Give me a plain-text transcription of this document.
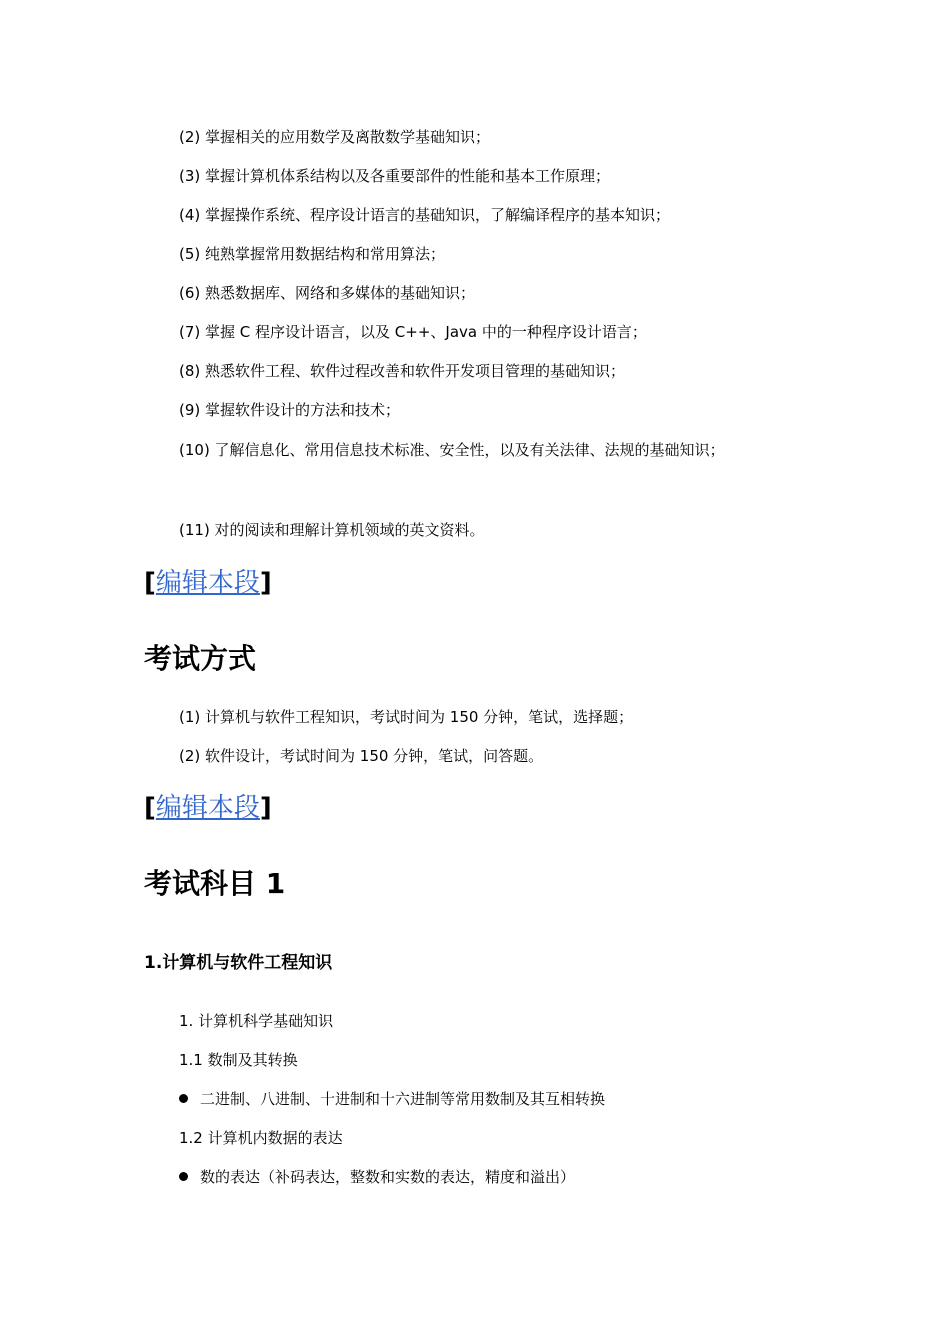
(2) 掌握相关的应用数学及离散数学基础知识；
(3) 掌握计算机体系结构以及各重要部件的性能和基本工作原理；
(4) 掌握操作系统、程序设计语言的基础知识，了解编译程序的基本知识；
(5) 纯熟掌握常用数据结构和常用算法；
(6) 熟悉数据库、网络和多媒体的基础知识；
(7) 掌握 C 程序设计语言，以及 C++、Java 中的一种程序设计语言；
(8) 熟悉软件工程、软件过程改善和软件开发项目管理的基础知识；
(9) 掌握软件设计的方法和技术；
(10) 了解信息化、常用信息技术标准、安全性，以及有关法律、法规的基础知识；
(11) 对的阅读和理解计算机领域的英文资料。
[编辑本段]
考试方式
(1) 计算机与软件工程知识，考试时间为 150 分钟，笔试，选择题；
(2) 软件设计，考试时间为 150 分钟，笔试，问答题。
[编辑本段]
考试科目 1
1.计算机与软件工程知识
1. 计算机科学基础知识
1.1 数制及其转换
二进制、八进制、十进制和十六进制等常用数制及其互相转换
1.2 计算机内数据的表达
数的表达（补码表达，整数和实数的表达，精度和溢出）
